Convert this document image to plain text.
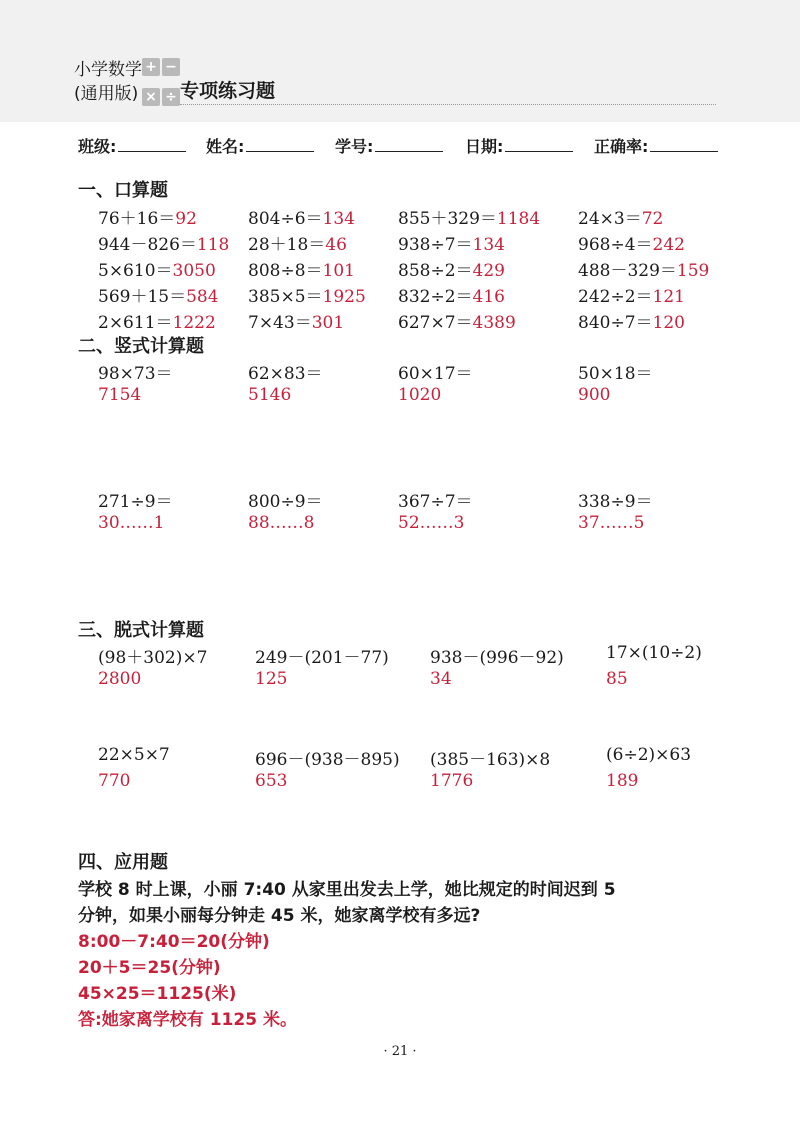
小学数学
(通用版)
+ −
× ÷ 专项练习题
班级:	姓名:	学号:	日期:	正确率:
一、口算题
76＋16＝92	804÷6＝134	855＋329＝1184 24×3＝72
944－826＝118 28＋18＝46	938÷7＝134	968÷4＝242
5×610＝3050 808÷8＝101	858÷2＝429	488－329＝159
569＋15＝584 385×5＝1925 832÷2＝416	242÷2＝121
2×611＝1222 7×43＝301	627×7＝4389	840÷7＝120
二、竖式计算题
98×73＝	62×83＝	60×17＝	50×18＝
7154	5146	1020	900
271÷9＝	800÷9＝	367÷7＝	338÷9＝
30……1	88……8	52……3	37……5
三、脱式计算题
(98＋302)×7	249－(201－77) 938－(996－92) 17×(10÷2)
2800	125	34	85
22×5×7	696－(938－895) (385－163)×8	(6÷2)×63
770	653	1776	189
四、应用题
学校 8 时上课，小丽 7:40 从家里出发去上学，她比规定的时间迟到 5
分钟，如果小丽每分钟走 45 米，她家离学校有多远?
8:00－7:40＝20(分钟)
20＋5＝25(分钟)
45×25＝1125(米)
答:她家离学校有 1125 米。
· 21 ·
